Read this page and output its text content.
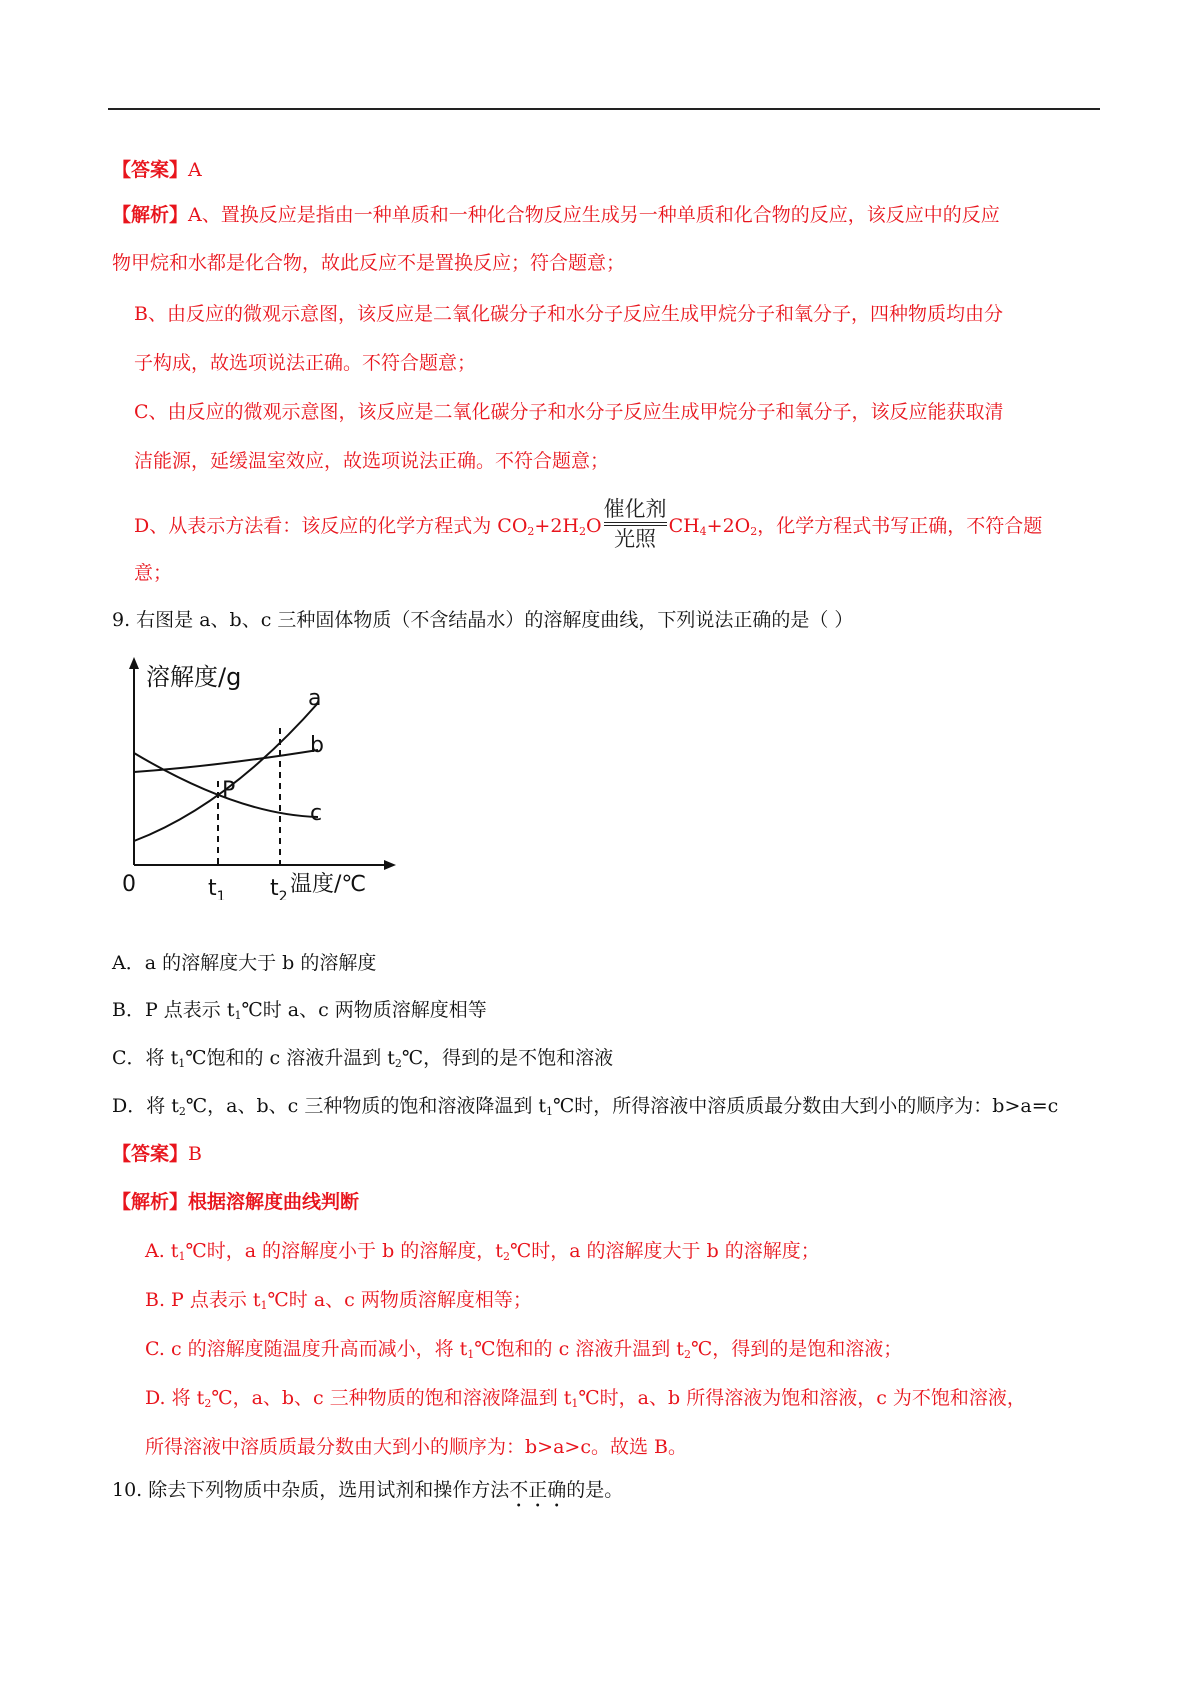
【答案】A
【解析】A、置换反应是指由一种单质和一种化合物反应生成另一种单质和化合物的反应，该反应中的反应
物甲烷和水都是化合物，故此反应不是置换反应；符合题意；
B、由反应的微观示意图，该反应是二氧化碳分子和水分子反应生成甲烷分子和氧分子，四种物质均由分
子构成，故选项说法正确。不符合题意；
C、由反应的微观示意图，该反应是二氧化碳分子和水分子反应生成甲烷分子和氧分子，该反应能获取清
洁能源，延缓温室效应，故选项说法正确。不符合题意；
D、从表示方法看：该反应的化学方程式为 $CO_2+2H_2O \frac{\text{催化剂}}{\text{光照}} CH_4+2O_2$，化学方程式书写正确，不符合题
意；
9. 右图是 a、b、c 三种固体物质（不含结晶水）的溶解度曲线，下列说法正确的是（ ）
溶解度/g
0
a
b
c
P
$t_1$ $t_2$ 温度/℃
A．a 的溶解度大于 b 的溶解度
B．P 点表示 $t_1℃$时 a、c 两物质溶解度相等
C．将 $t_1℃$饱和的 c 溶液升温到 $t_2℃$，得到的是不饱和溶液
D．将 $t_2℃$，a、b、c 三种物质的饱和溶液降温到 $t_1℃$时，所得溶液中溶质质最分数由大到小的顺序为：b>a=c
【答案】B
【解析】根据溶解度曲线判断
A. $t_1℃$时，a 的溶解度小于 b 的溶解度，$t_2℃$时，a 的溶解度大于 b 的溶解度；
B. P 点表示 $t_1℃$时 a、c 两物质溶解度相等；
C. c 的溶解度随温度升高而减小，将 $t_1℃$饱和的 c 溶液升温到 $t_2℃$，得到的是饱和溶液；
D. 将 $t_2℃$，a、b、c 三种物质的饱和溶液降温到 $t_1℃$时，a、b 所得溶液为饱和溶液，c 为不饱和溶液，
所得溶液中溶质质最分数由大到小的顺序为：b>a>c。故选 B。
10. 除去下列物质中杂质，选用试剂和操作方法不正确的是。
